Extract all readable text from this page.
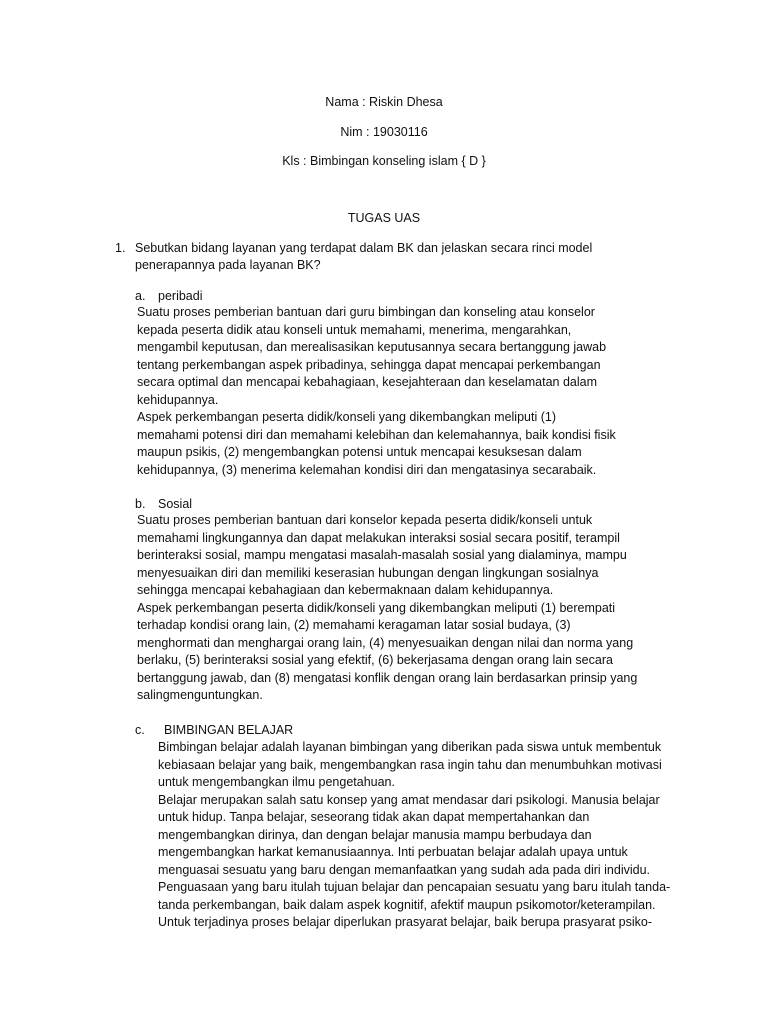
Nama : Riskin Dhesa
Nim : 19030116
Kls : Bimbingan konseling islam { D }
TUGAS UAS
1. Sebutkan bidang layanan yang terdapat dalam BK dan jelaskan secara rinci model
penerapannya pada layanan BK?
a. peribadi
Suatu proses pemberian bantuan dari guru bimbingan dan konseling atau konselor
kepada peserta didik atau konseli untuk memahami, menerima, mengarahkan,
mengambil keputusan, dan merealisasikan keputusannya secara bertanggung jawab
tentang perkembangan aspek pribadinya, sehingga dapat mencapai perkembangan
secara optimal dan mencapai kebahagiaan, kesejahteraan dan keselamatan dalam
kehidupannya.
Aspek perkembangan peserta didik/konseli yang dikembangkan meliputi (1)
memahami potensi diri dan memahami kelebihan dan kelemahannya, baik kondisi fisik
maupun psikis, (2) mengembangkan potensi untuk mencapai kesuksesan dalam
kehidupannya, (3) menerima kelemahan kondisi diri dan mengatasinya secarabaik.
b. Sosial
Suatu proses pemberian bantuan dari konselor kepada peserta didik/konseli untuk
memahami lingkungannya dan dapat melakukan interaksi sosial secara positif, terampil
berinteraksi sosial, mampu mengatasi masalah-masalah sosial yang dialaminya, mampu
menyesuaikan diri dan memiliki keserasian hubungan dengan lingkungan sosialnya
sehingga mencapai kebahagiaan dan kebermaknaan dalam kehidupannya.
Aspek perkembangan peserta didik/konseli yang dikembangkan meliputi (1) berempati
terhadap kondisi orang lain, (2) memahami keragaman latar sosial budaya, (3)
menghormati dan menghargai orang lain, (4) menyesuaikan dengan nilai dan norma yang
berlaku, (5) berinteraksi sosial yang efektif, (6) bekerjasama dengan orang lain secara
bertanggung jawab, dan (8) mengatasi konflik dengan orang lain berdasarkan prinsip yang
salingmenguntungkan.
c. BIMBINGAN BELAJAR
Bimbingan belajar adalah layanan bimbingan yang diberikan pada siswa untuk membentuk
kebiasaan belajar yang baik, mengembangkan rasa ingin tahu dan menumbuhkan motivasi
untuk mengembangkan ilmu pengetahuan.
Belajar merupakan salah satu konsep yang amat mendasar dari psikologi. Manusia belajar
untuk hidup. Tanpa belajar, seseorang tidak akan dapat mempertahankan dan
mengembangkan dirinya, dan dengan belajar manusia mampu berbudaya dan
mengembangkan harkat kemanusiaannya. Inti perbuatan belajar adalah upaya untuk
menguasai sesuatu yang baru dengan memanfaatkan yang sudah ada pada diri individu.
Penguasaan yang baru itulah tujuan belajar dan pencapaian sesuatu yang baru itulah tanda-
tanda perkembangan, baik dalam aspek kognitif, afektif maupun psikomotor/keterampilan.
Untuk terjadinya proses belajar diperlukan prasyarat belajar, baik berupa prasyarat psiko-
